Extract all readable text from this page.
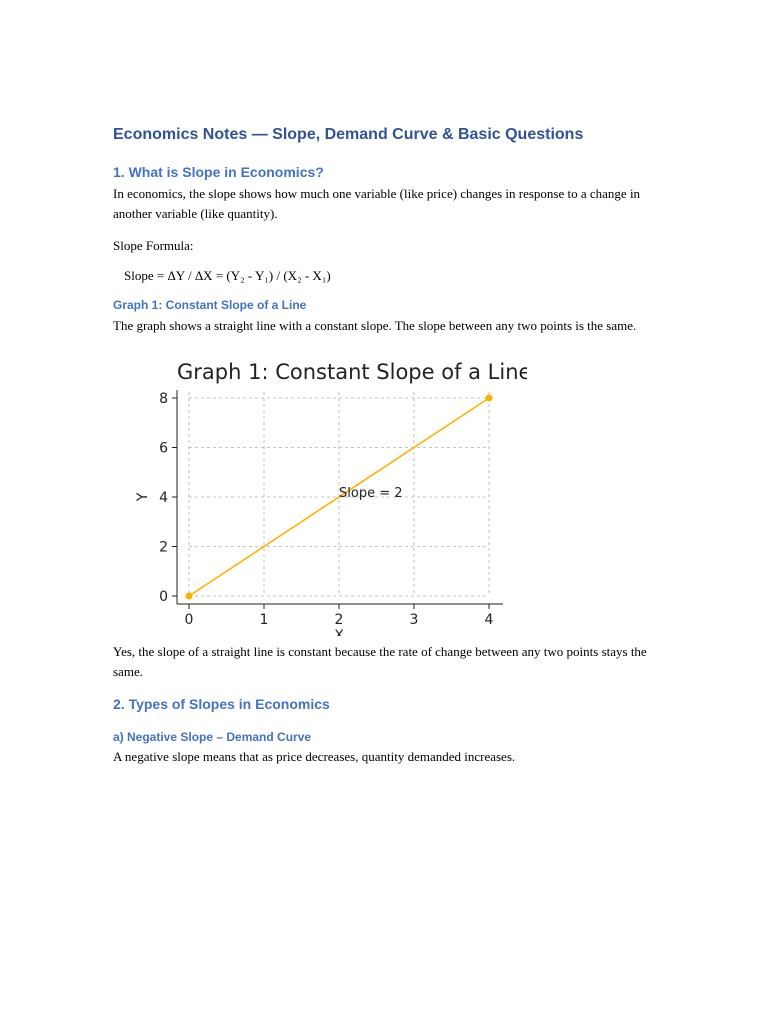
Economics Notes — Slope, Demand Curve & Basic Questions
1. What is Slope in Economics?

In economics, the slope shows how much one variable (like price) changes in response to a change in another variable (like quantity).

Slope Formula:

Slope = ΔY / ΔX = (Y₂ - Y₁) / (X₂ - X₁)

Graph 1: Constant Slope of a Line

The graph shows a straight line with a constant slope. The slope between any two points is the same.

Graph 1: Constant Slope of a Line
0	1	2	3	4
0
2
4
6
8
Slope = 2
X
Y

Yes, the slope of a straight line is constant because the rate of change between any two points stays the same.

2. Types of Slopes in Economics
a) Negative Slope – Demand Curve

A negative slope means that as price decreases, quantity demanded increases.
